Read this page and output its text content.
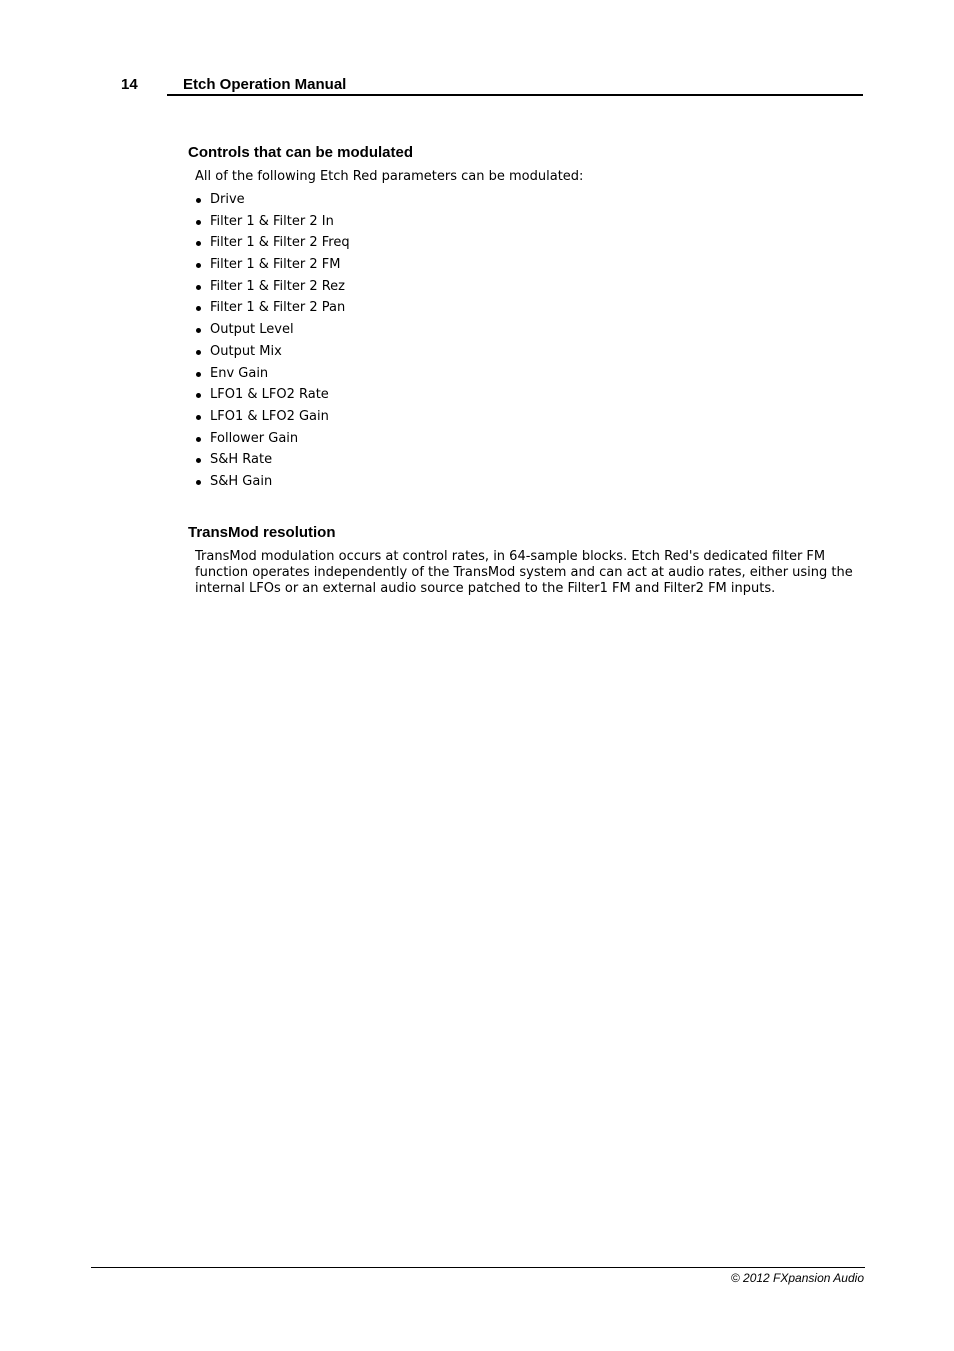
14	Etch Operation Manual
Controls that can be modulated
All of the following Etch Red parameters can be modulated:
Drive
Filter 1 & Filter 2 In
Filter 1 & Filter 2 Freq
Filter 1 & Filter 2 FM
Filter 1 & Filter 2 Rez
Filter 1 & Filter 2 Pan
Output Level
Output Mix
Env Gain
LFO1 & LFO2 Rate
LFO1 & LFO2 Gain
Follower Gain
S&H Rate
S&H Gain
TransMod resolution

TransMod modulation occurs at control rates, in 64-sample blocks. Etch Red's dedicated filter FM function operates independently of the TransMod system and can act at audio rates, either using the internal LFOs or an external audio source patched to the Filter1 FM and Filter2 FM inputs.

© 2012 FXpansion Audio
